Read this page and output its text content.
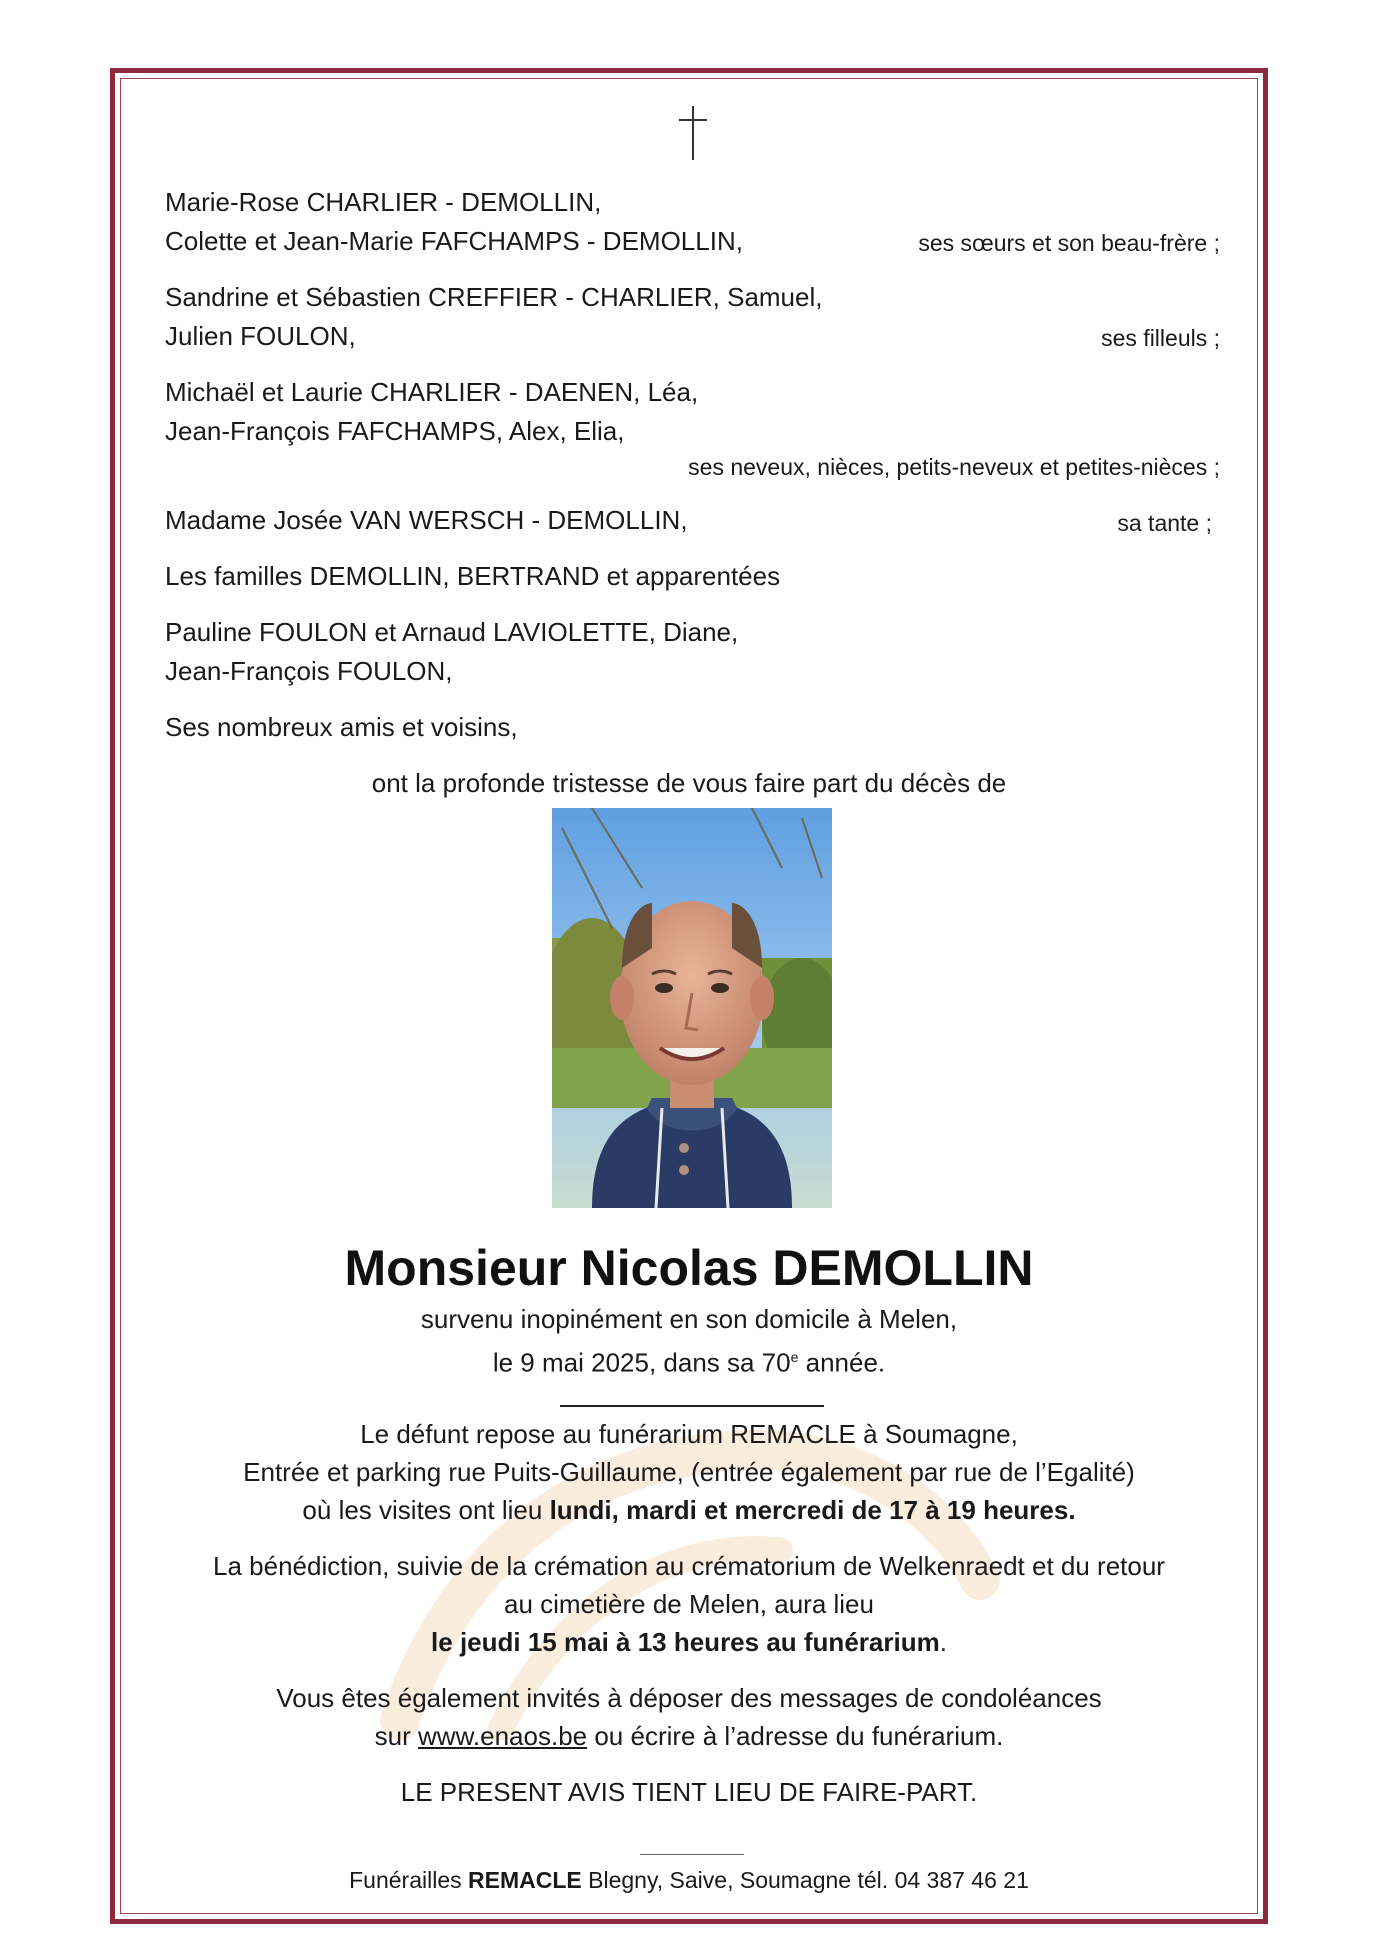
Marie-Rose CHARLIER - DEMOLLIN,
Colette et Jean-Marie FAFCHAMPS - DEMOLLIN,	ses sœurs et son beau-frère ;
Sandrine et Sébastien CREFFIER - CHARLIER, Samuel,
Julien FOULON,	ses filleuls ;
Michaël et Laurie CHARLIER - DAENEN, Léa,
Jean-François FAFCHAMPS, Alex, Elia,
ses neveux, nièces, petits-neveux et petites-nièces ;
Madame Josée VAN WERSCH - DEMOLLIN,	sa tante ;
Les familles DEMOLLIN, BERTRAND et apparentées
Pauline FOULON et Arnaud LAVIOLETTE, Diane,
Jean-François FOULON,
Ses nombreux amis et voisins,
ont la profonde tristesse de vous faire part du décès de
Monsieur Nicolas DEMOLLIN
survenu inopinément en son domicile à Melen,
le 9 mai 2025, dans sa 70e année.
Le défunt repose au funérarium REMACLE à Soumagne,
Entrée et parking rue Puits-Guillaume, (entrée également par rue de l’Egalité)
où les visites ont lieu lundi, mardi et mercredi de 17 à 19 heures.
La bénédiction, suivie de la crémation au crématorium de Welkenraedt et du retour
au cimetière de Melen, aura lieu
le jeudi 15 mai à 13 heures au funérarium.
Vous êtes également invités à déposer des messages de condoléances
sur www.enaos.be ou écrire à l’adresse du funérarium.
LE PRESENT AVIS TIENT LIEU DE FAIRE-PART.
Funérailles REMACLE Blegny, Saive, Soumagne tél. 04 387 46 21
